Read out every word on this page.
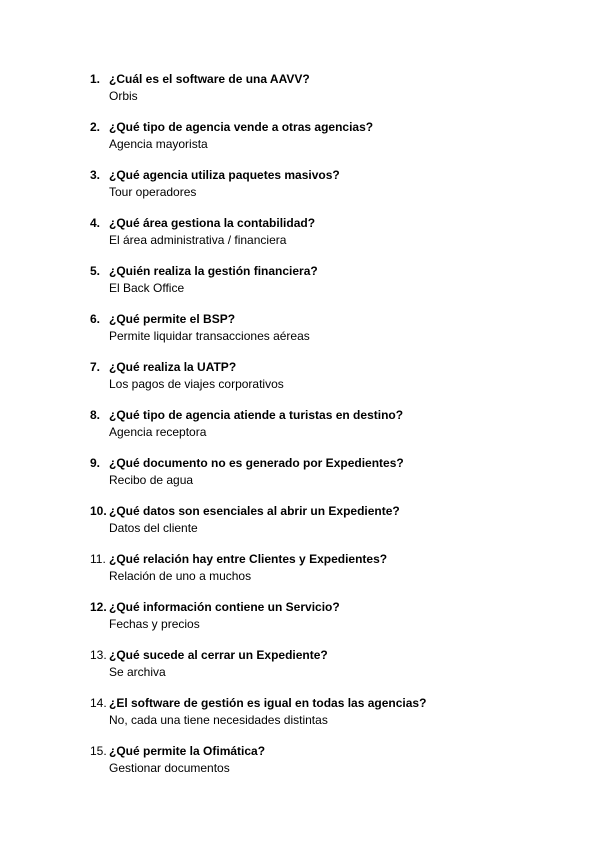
1. ¿Cuál es el software de una AAVV?
Orbis
2. ¿Qué tipo de agencia vende a otras agencias?
Agencia mayorista
3. ¿Qué agencia utiliza paquetes masivos?
Tour operadores
4. ¿Qué área gestiona la contabilidad?
El área administrativa / financiera
5. ¿Quién realiza la gestión financiera?
El Back Office
6. ¿Qué permite el BSP?
Permite liquidar transacciones aéreas
7. ¿Qué realiza la UATP?
Los pagos de viajes corporativos
8. ¿Qué tipo de agencia atiende a turistas en destino?
Agencia receptora
9. ¿Qué documento no es generado por Expedientes?
Recibo de agua
10. ¿Qué datos son esenciales al abrir un Expediente?
Datos del cliente
11. ¿Qué relación hay entre Clientes y Expedientes?
Relación de uno a muchos
12. ¿Qué información contiene un Servicio?
Fechas y precios
13. ¿Qué sucede al cerrar un Expediente?
Se archiva
14. ¿El software de gestión es igual en todas las agencias?
No, cada una tiene necesidades distintas
15. ¿Qué permite la Ofimática?
Gestionar documentos
